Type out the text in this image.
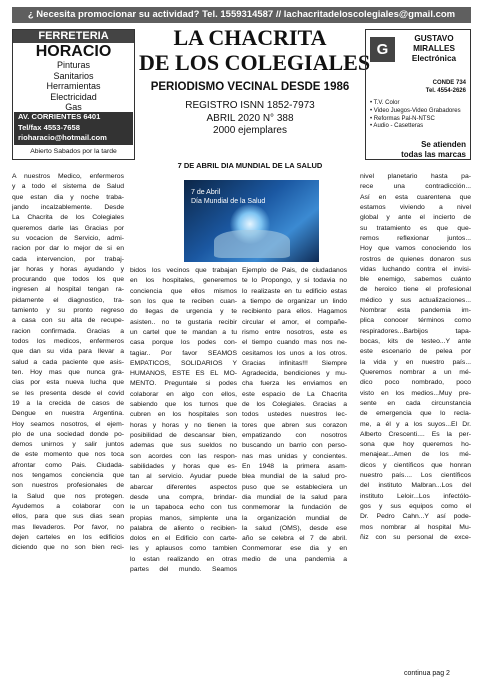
¿ Necesita promocionar su actividad? Tel. 1559314587 // lachacritadeloscolegiales@gmail.com
FERRETERIA
HORACIO
Pinturas
Sanitarios
Herramientas
Electricidad
Gas
AV. CORRIENTES 6401
Tel/fax 4553-7658
rioharacio@hotmail.com
Abierto Sabados por la tarde
LA CHACRITA
DE LOS COLEGIALES
PERIODISMO VECINAL DESDE 1986
REGISTRO ISNN 1852-7973
ABRIL 2020 N° 388
2000 ejemplares
G
GUSTAVO
MIRALLES
Electrónica
CONDE 734
Tel. 4554-2626
• T.V. Color
• Video Juegos-Video Grabadores
• Reformas Pal-N-NTSC
• Audio - Casetteras
Se atienden
todas las marcas
7 DE ABRIL DIA MUNDIAL DE LA SALUD
7 de Abril
Día Mundial de la Salud
A nuestros Medico, enfermeros
y a todo el sistema de Salud
que estan dia y noche traba-
jando incalzablemente. Desde
La Chacrita de los Colegiales
queremos darle las Gracias por
su vocacion de Servicio, admi-
racion por dar lo mejor de si en
cada intervencion, por trabaj-
jar horas y horas ayudando y
procurando que todos los que
ingresen al hospital tengan ra-
pidamente el diagnostico, tra-
tamiento y su pronto regreso
a casa con su alta de recupe-
racion confirmada. Gracias a
todos los medicos, enfermeros
que dan su vida para llevar a
salud a cada paciente que asis-
ten. Hoy mas que nunca gra-
cias por esta nueva lucha que
se les presenta desde el covid
19 a la crecida de casos de
Dengue en nuestra Argentina.
Hoy seamos nosotros, el ejem-
plo de una sociedad donde po-
demos unirnos y salir juntos
de este momento que nos toca
afrontar como Pais. Ciudada-
nos tengamos conciencia que
son nuestros profesionales de
la Salud que nos protegen.
Ayudemos a colaborar con
ellos, para que sus dias sean
mas llevaderos. Por favor, no
dejen carteles en los edificios
diciendo que no son bien reci-
bidos los vecinos que trabajan
en los hospitales, generemos
conciencia que ellos mismos
son los que te reciben cuan-
do llegas de urgencia y te
asisten.. no te gustaria recibir
un cartel que te mandan a tu
casa porque los podes con-
tagiar.. Por favor SEAMOS
EMPATICOS, SOLIDARIOS Y
HUMANOS, ESTE ES EL MO-
MENTO. Preguntale si podes
colaborar en algo con ellos,
sabiendo que los turnos que
cubren en los hospitales son
horas y horas y no tienen la
posibilidad de descansar bien,
ademas que sus sueldos no
son acordes con las respon-
sabilidades y horas que es-
tan al servicio. Ayudar puede
abarcar diferentes aspectos
desde una compra, brindar-
le un tapaboca echo con tus
propias manos, simplente una
palabra de aliento o recibien-
dolos en el Edificio con carte-
les y aplausos como tambien
lo estan realizando en otras
partes del mundo. Seamos
Ejemplo de Pais, de ciudadanos
te lo Propongo, y si todavia no
lo realizaste en tu edificio estas
a tiempo de organizar un lindo
recibiento para ellos. Hagamos
circular el amor, el compañe-
rismo entre nosotros, este es
el tiempo cuando mas nos ne-
cesitamos los unos a los otros.
Gracias infinitas!!! Siempre
Agradecida, bendiciones y mu-
cha fuerza les enviamos en
este espacio de La Chacrita
de los Colegiales. Gracias a
todos ustedes nuestros lec-
tores que abren sus corazon
empatizando con nosotros
buscando un barrio con perso-
nas mas unidas y concientes.
En 1948 la primera asam-
blea mundial de la salud pro-
puso que se estableciera un
dia mundial de la salud para
conmemorar la fundación de
la organización mundial de
la salud (OMS), desde ese
año se celebra el 7 de abril.
Conmemorar ese dia y en
medio de una pandemia a
nivel planetario hasta pa-
rece una contradicción...
Así en esta cuarentena que
estamos viviendo a nivel
global y ante el incierto de
su tratamiento es que que-
remos reflexionar juntos...
Hoy que vamos conociendo los
rostros de quienes donaron sus
vidas luchando contra el invisi-
ble enemigo, sabemos cuánto
de heroico tiene el profesional
médico y sus actualizaciones...
Nombrar esta pandemia im-
plica conocer términos como
respiradores...Barbijos tapa-
bocas, kits de testeo...Y ante
este escenario de pelea por
la vida y en nuestro país...
Queremos nombrar a un mé-
dico poco nombrado, poco
visto en los medios...Muy pre-
sente en cada circunstancia
de emergencia que lo recla-
me, a él y a los suyos...El Dr.
Alberto Crescenti.... Es la per-
sona que hoy queremos ho-
menajear...Amen de los mé-
dicos y científicos que honran
nuestro país.... Los científicos
del instituto Malbran...Los del
instituto Leloir...Los infectólo-
gos y sus equipos como el
Dr. Pedro Cahn...Y así pode-
mos nombrar al hospital Mu-
ñiz con su personal de exce-
continua pag 2
